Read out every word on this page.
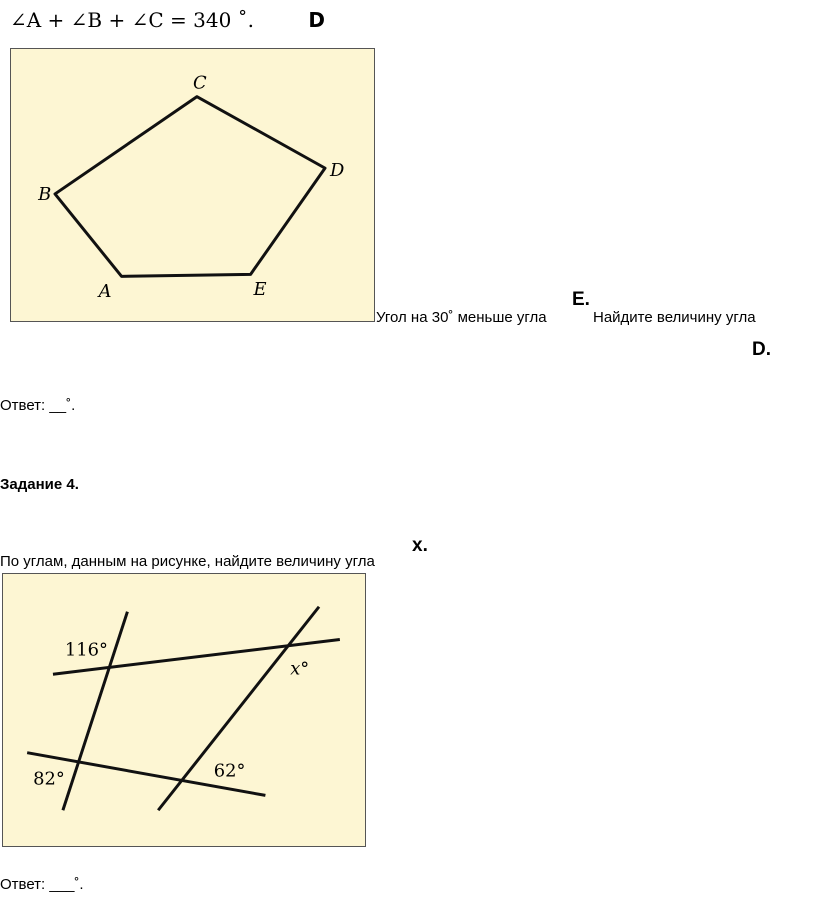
∠A + ∠B + ∠C = 340 ˚.	D
C
D
B
A	E
Угол на 30˚ меньше угла
E.
Найдите величину угла
D.
Ответ: __˚.
Задание 4.
По углам, данным на рисунке, найдите величину угла
x.
116°
x°
82°	62°
Ответ: ___˚.
